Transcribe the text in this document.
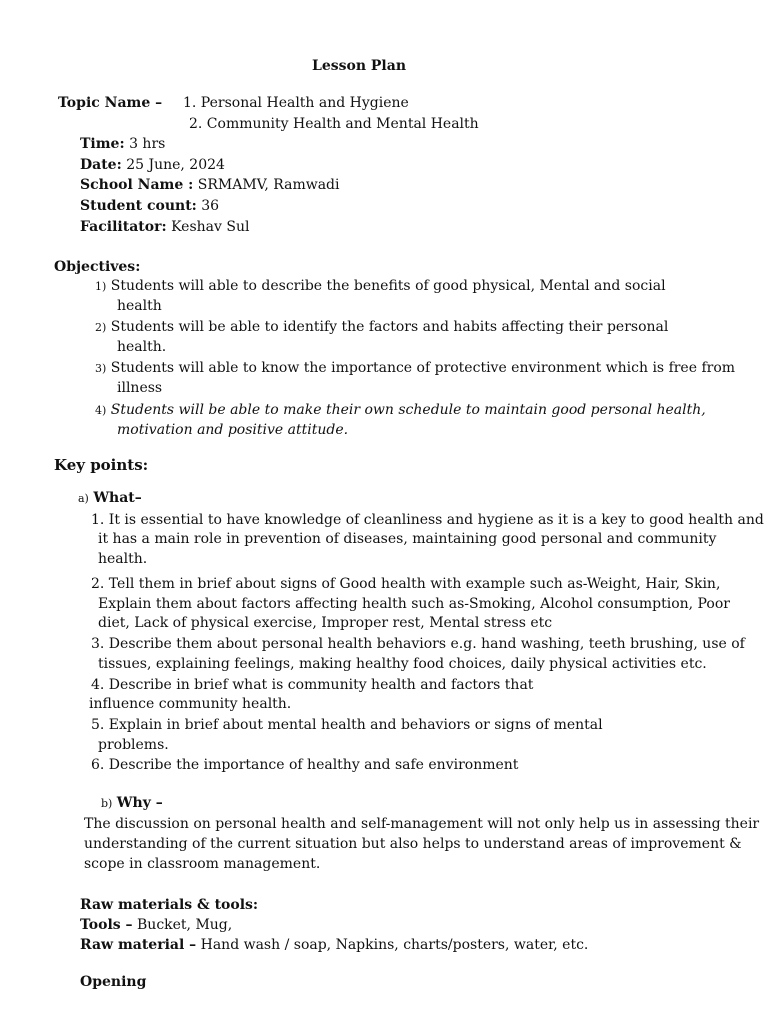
Lesson Plan
Topic Name – 1. Personal Health and Hygiene
2. Community Health and Mental Health
Time: 3 hrs
Date: 25 June, 2024
School Name : SRMAMV, Ramwadi
Student count: 36
Facilitator: Keshav Sul
Objectives:
1) Students will able to describe the benefits of good physical, Mental and social
health
2) Students will be able to identify the factors and habits affecting their personal
health.
3) Students will able to know the importance of protective environment which is free from
illness
4) Students will be able to make their own schedule to maintain good personal health,
motivation and positive attitude.
Key points:
a) What–
1. It is essential to have knowledge of cleanliness and hygiene as it is a key to good health and
it has a main role in prevention of diseases, maintaining good personal and community
health.
2. Tell them in brief about signs of Good health with example such as-Weight, Hair, Skin,
Explain them about factors affecting health such as-Smoking, Alcohol consumption, Poor
diet, Lack of physical exercise, Improper rest, Mental stress etc
3. Describe them about personal health behaviors e.g. hand washing, teeth brushing, use of
tissues, explaining feelings, making healthy food choices, daily physical activities etc.
4. Describe in brief what is community health and factors that
influence community health.
5. Explain in brief about mental health and behaviors or signs of mental
problems.
6. Describe the importance of healthy and safe environment
b) Why –
The discussion on personal health and self-management will not only help us in assessing their
understanding of the current situation but also helps to understand areas of improvement &
scope in classroom management.
Raw materials & tools:
Tools – Bucket, Mug,
Raw material – Hand wash / soap, Napkins, charts/posters, water, etc.
Opening
